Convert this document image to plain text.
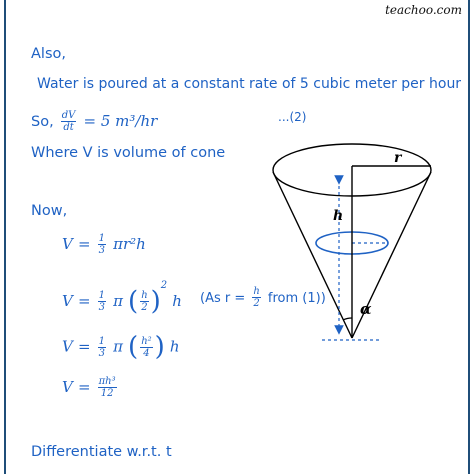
teachoo.com
Also,
Water is poured at a constant rate of 5 cubic meter per hour
So, $\frac{dV}{dt} = 5$ m³/hr	...(2)
Where V is volume of cone
Now,
$V = \frac{1}{3} \pi r^2h$
$V = \frac{1}{3}$ π ( $\frac{h}{2} )^2$ h (As $r = \frac{h}{2}$ from (1))
$V = \frac{1}{3}$ π ( $\frac{\text{h²}}{4}$ ) h
$V = \frac{\text{πh³}}{12}$
Differentiate w.r.t. t
r
h
α
